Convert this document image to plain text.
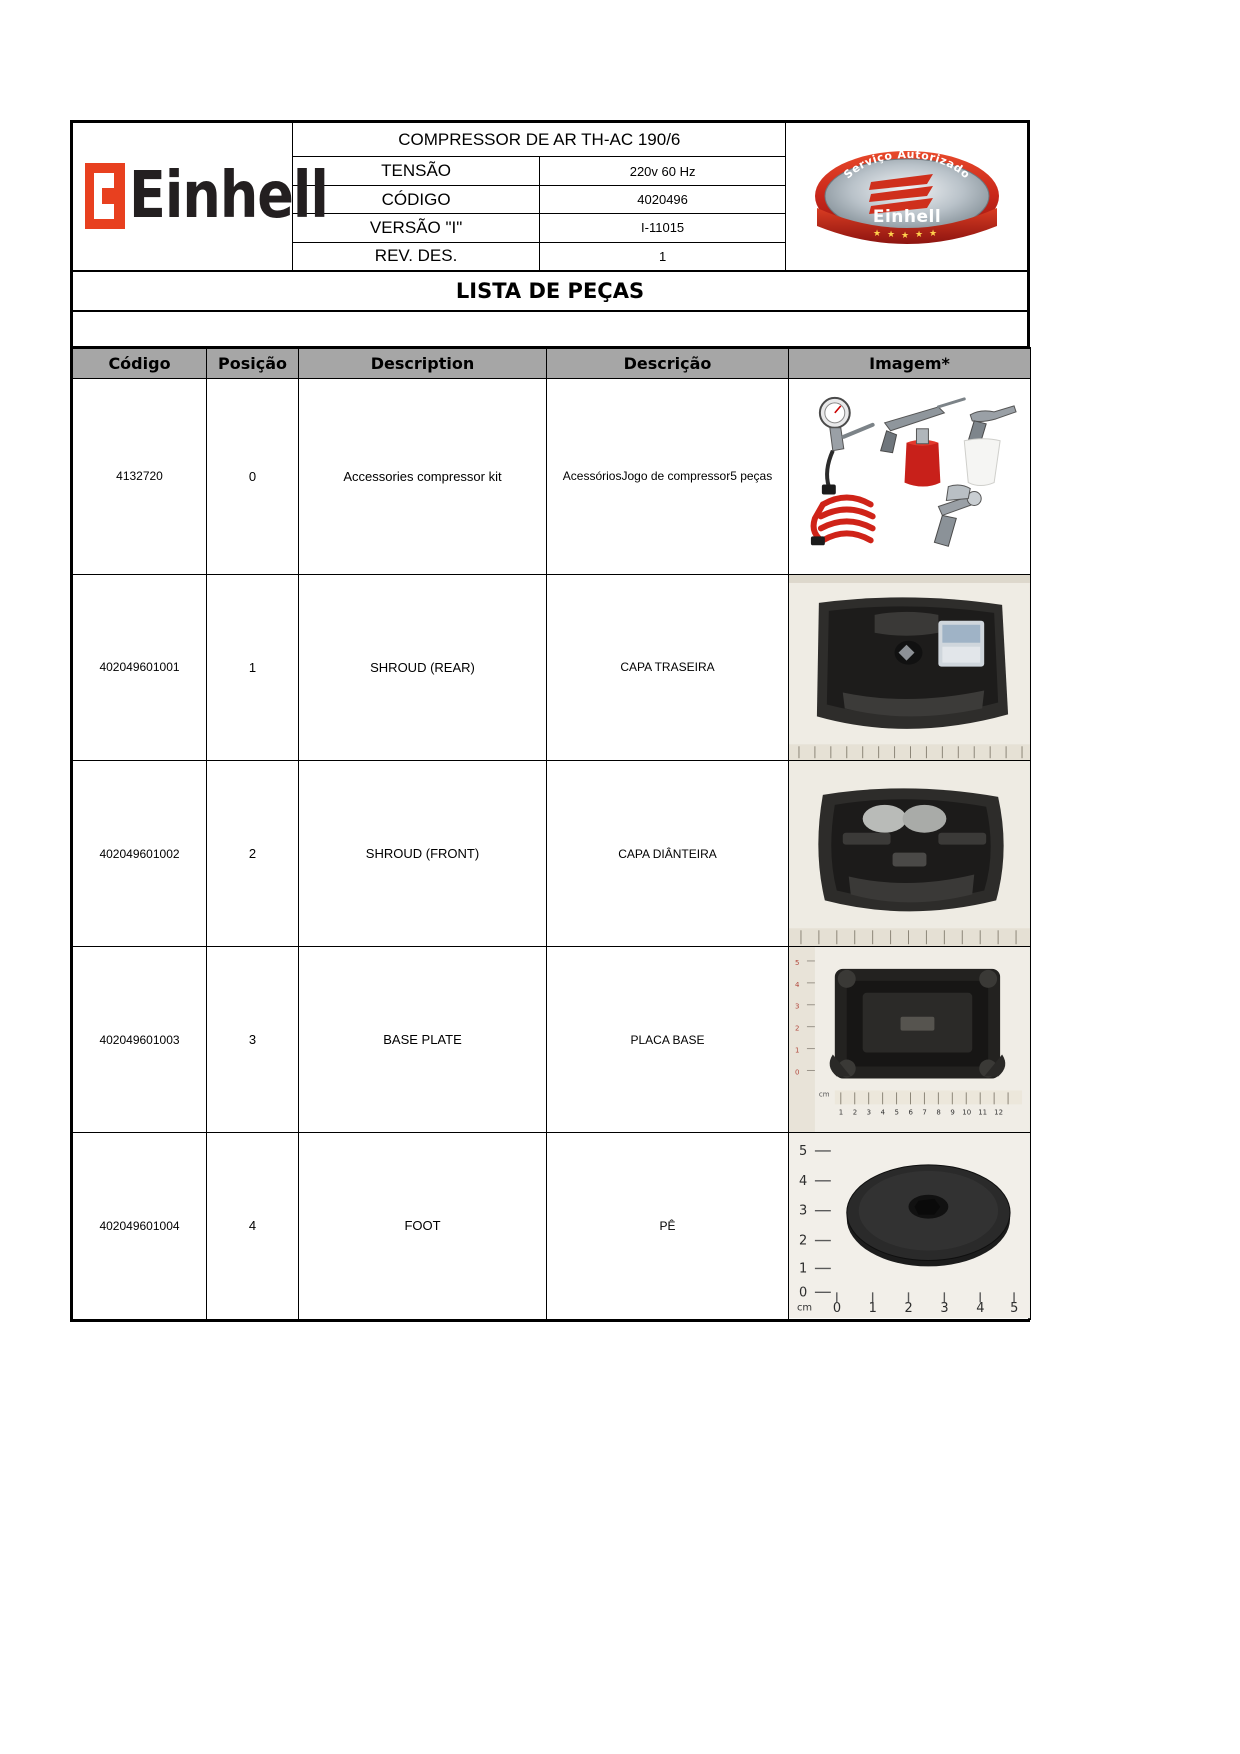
Einhell
	COMPRESSOR DE AR TH-AC 190/6	
Einhell
★ ★ ★ ★ ★
Serviço Autorizado

	TENSÃO	220v 60 Hz	
	CÓDIGO	4020496	
	VERSÃO "I"	I-11015	
	REV. DES.	1	
LISTA DE PEÇAS			

Código	Posição	Description	Descrição	Imagem*
4132720	0	Accessories compressor kit	AcessóriosJogo de compressor5 peças	

402049601001	1	SHROUD (REAR)	CAPA TRASEIRA	

402049601002	2	SHROUD (FRONT)	CAPA DIÂNTEIRA	

402049601003	3	BASE PLATE	PLACA BASE	
5
4
3
2
1
0
cm
1 2 3 4 5 6 7 8 9 10 11 12

402049601004	4	FOOT	PÊ	
5
4
3
2
1
0
cm 0 1 2 3 4 5
